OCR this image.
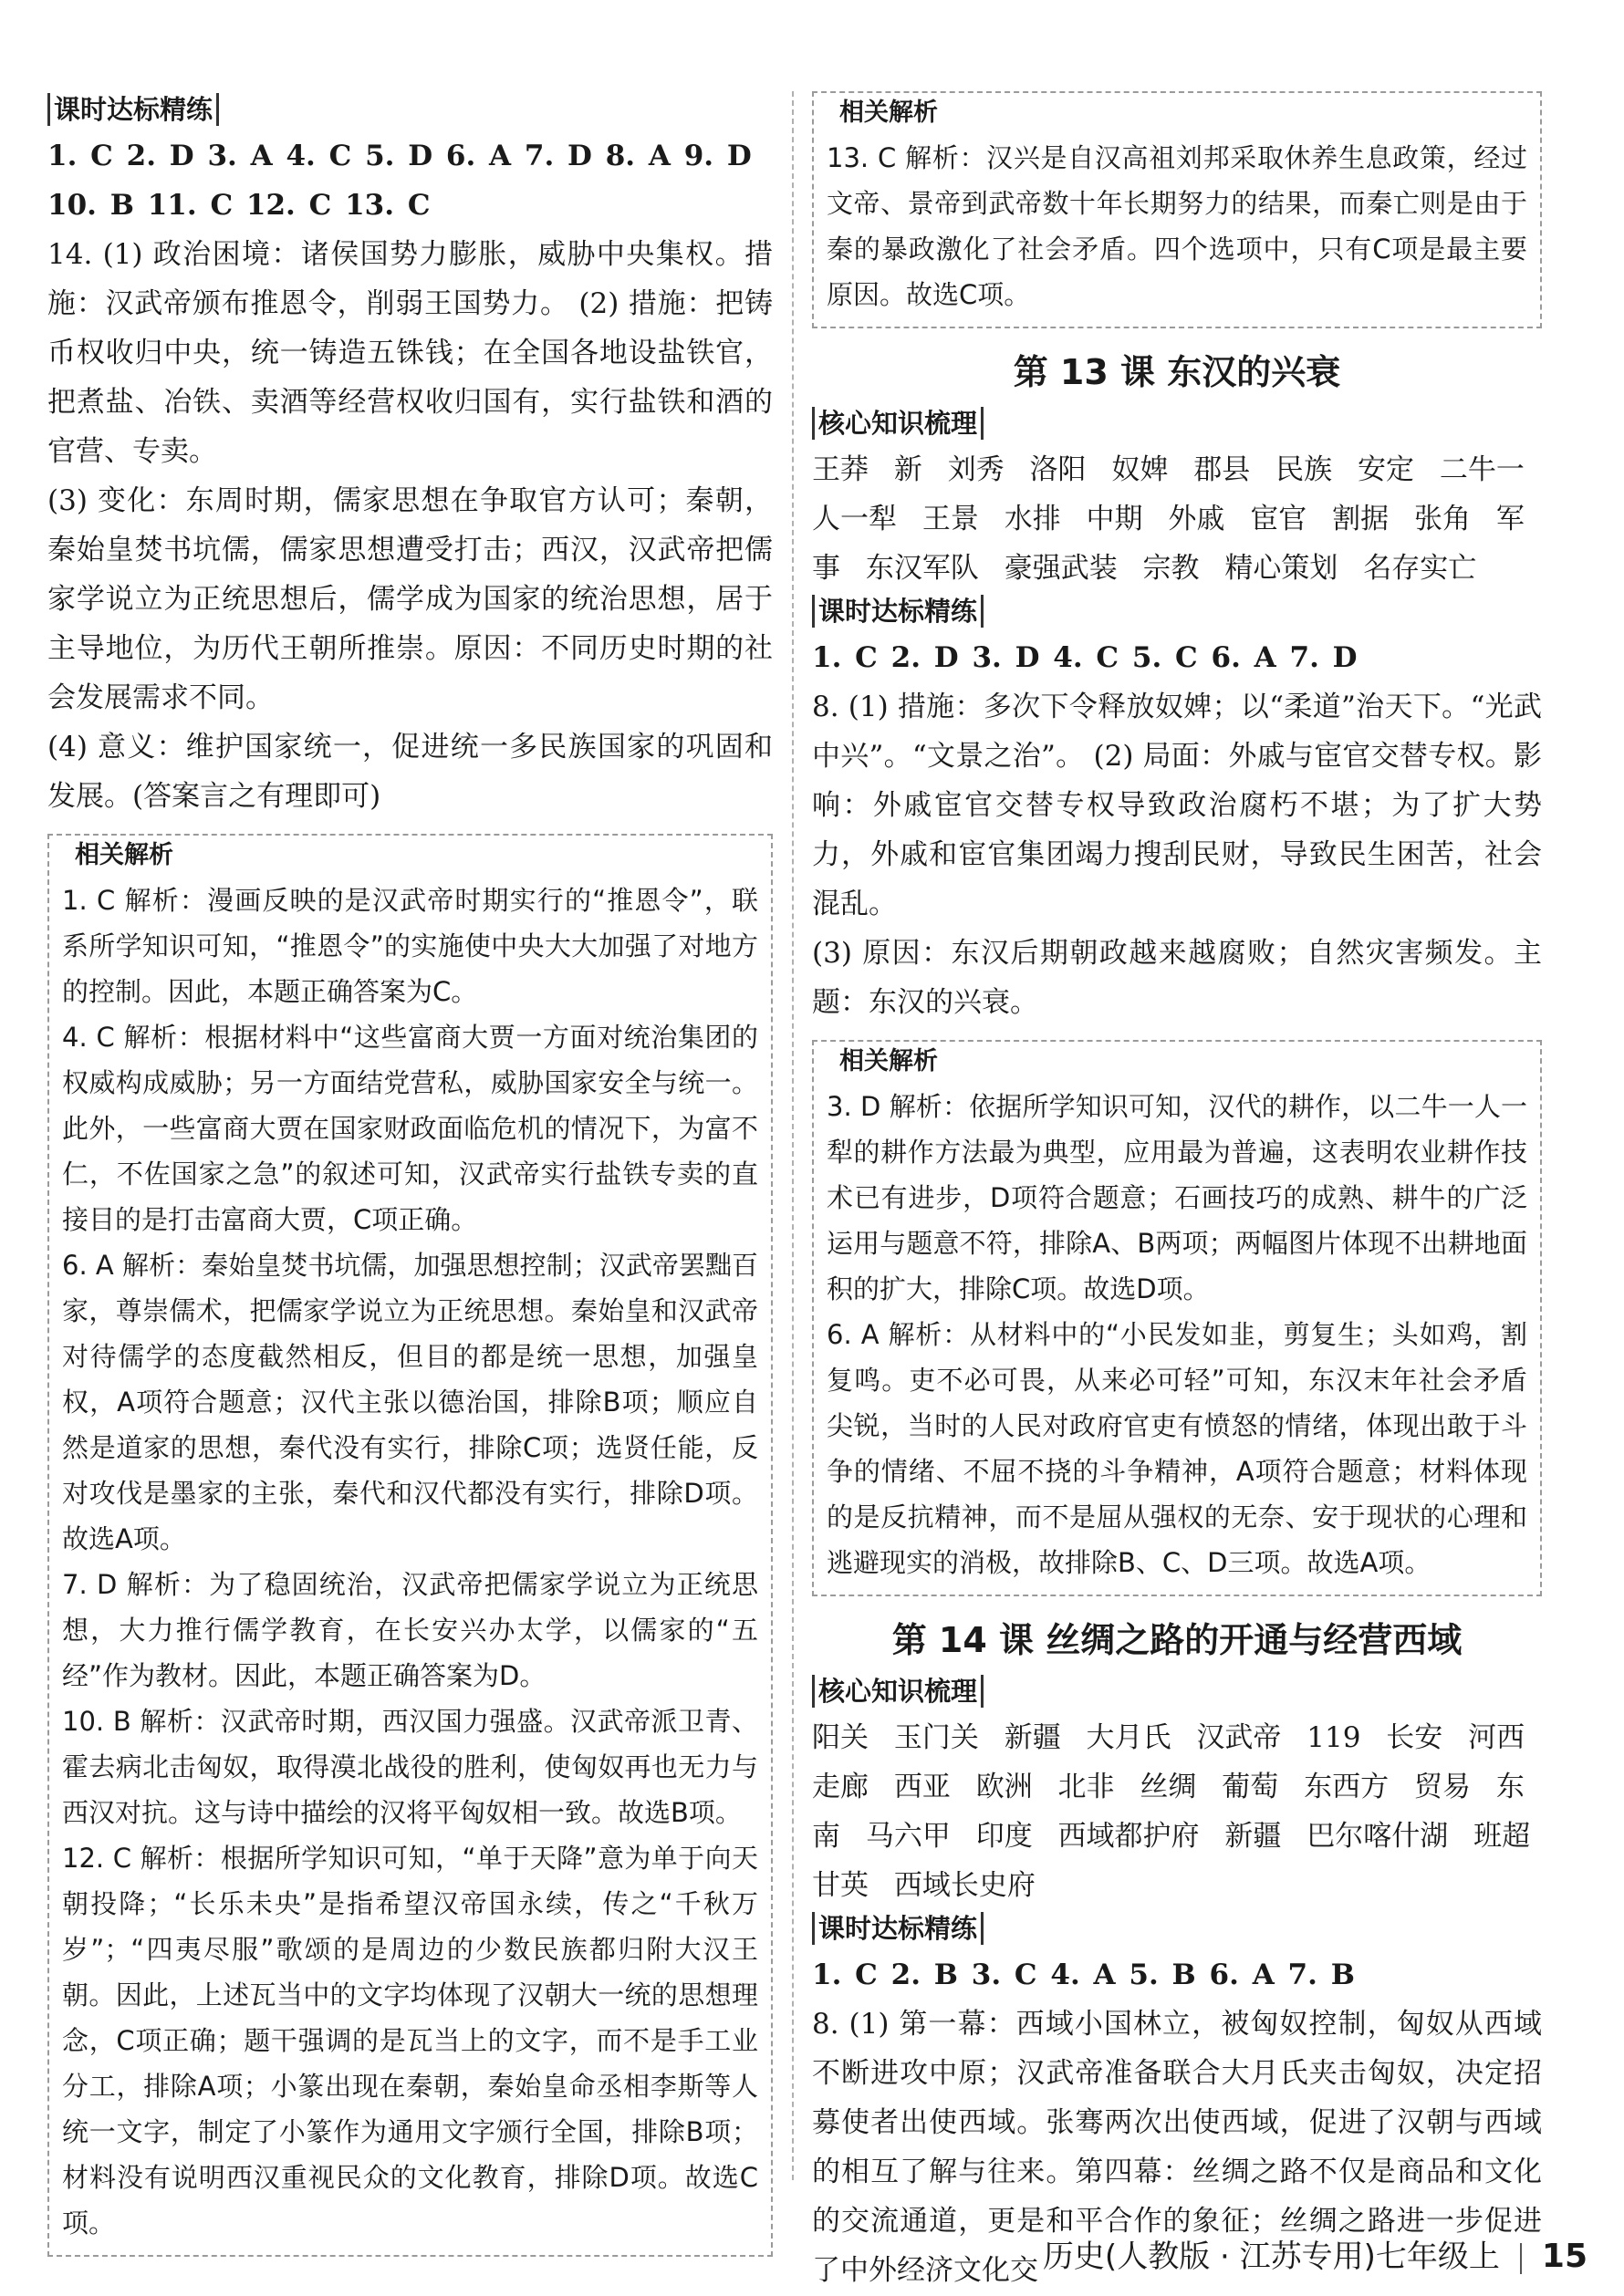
课时达标精练

1. C 2. D 3. A 4. C 5. D 6. A 7. D 8. A 9. D

10. B 11. C 12. C 13. C

14. (1) 政治困境：诸侯国势力膨胀，威胁中央集权。措施：汉武帝颁布推恩令，削弱王国势力。 (2) 措施：把铸币权收归中央，统一铸造五铢钱；在全国各地设盐铁官，把煮盐、冶铁、卖酒等经营权收归国有，实行盐铁和酒的官营、专卖。

(3) 变化：东周时期，儒家思想在争取官方认可；秦朝，秦始皇焚书坑儒，儒家思想遭受打击；西汉，汉武帝把儒家学说立为正统思想后，儒学成为国家的统治思想，居于主导地位，为历代王朝所推崇。原因：不同历史时期的社会发展需求不同。

(4) 意义：维护国家统一，促进统一多民族国家的巩固和发展。(答案言之有理即可)

相关解析

1. C 解析：漫画反映的是汉武帝时期实行的“推恩令”，联系所学知识可知，“推恩令”的实施使中央大大加强了对地方的控制。因此，本题正确答案为C。

4. C 解析：根据材料中“这些富商大贾一方面对统治集团的权威构成威胁；另一方面结党营私，威胁国家安全与统一。此外，一些富商大贾在国家财政面临危机的情况下，为富不仁，不佐国家之急”的叙述可知，汉武帝实行盐铁专卖的直接目的是打击富商大贾，C项正确。

6. A 解析：秦始皇焚书坑儒，加强思想控制；汉武帝罢黜百家，尊崇儒术，把儒家学说立为正统思想。秦始皇和汉武帝对待儒学的态度截然相反，但目的都是统一思想，加强皇权，A项符合题意；汉代主张以德治国，排除B项；顺应自然是道家的思想，秦代没有实行，排除C项；选贤任能，反对攻伐是墨家的主张，秦代和汉代都没有实行，排除D项。故选A项。

7. D 解析：为了稳固统治，汉武帝把儒家学说立为正统思想，大力推行儒学教育，在长安兴办太学，以儒家的“五经”作为教材。因此，本题正确答案为D。

10. B 解析：汉武帝时期，西汉国力强盛。汉武帝派卫青、霍去病北击匈奴，取得漠北战役的胜利，使匈奴再也无力与西汉对抗。这与诗中描绘的汉将平匈奴相一致。故选B项。

12. C 解析：根据所学知识可知，“单于天降”意为单于向天朝投降；“长乐未央”是指希望汉帝国永续，传之“千秋万岁”；“四夷尽服”歌颂的是周边的少数民族都归附大汉王朝。因此，上述瓦当中的文字均体现了汉朝大一统的思想理念，C项正确；题干强调的是瓦当上的文字，而不是手工业分工，排除A项；小篆出现在秦朝，秦始皇命丞相李斯等人统一文字，制定了小篆作为通用文字颁行全国，排除B项；材料没有说明西汉重视民众的文化教育，排除D项。故选C项。

相关解析

13. C 解析：汉兴是自汉高祖刘邦采取休养生息政策，经过文帝、景帝到武帝数十年长期努力的结果，而秦亡则是由于秦的暴政激化了社会矛盾。四个选项中，只有C项是最主要原因。故选C项。

第 13 课 东汉的兴衰
核心知识梳理

王莽 新 刘秀 洛阳 奴婢 郡县 民族 安定 二牛一人一犁 王景 水排 中期 外戚 宦官 割据 张角 军事 东汉军队 豪强武装 宗教 精心策划 名存实亡

课时达标精练

1. C 2. D 3. D 4. C 5. C 6. A 7. D

8. (1) 措施：多次下令释放奴婢；以“柔道”治天下。“光武中兴”。“文景之治”。 (2) 局面：外戚与宦官交替专权。影响：外戚宦官交替专权导致政治腐朽不堪；为了扩大势力，外戚和宦官集团竭力搜刮民财，导致民生困苦，社会混乱。

(3) 原因：东汉后期朝政越来越腐败；自然灾害频发。主题：东汉的兴衰。

相关解析

3. D 解析：依据所学知识可知，汉代的耕作，以二牛一人一犁的耕作方法最为典型，应用最为普遍，这表明农业耕作技术已有进步，D项符合题意；石画技巧的成熟、耕牛的广泛运用与题意不符，排除A、B两项；两幅图片体现不出耕地面积的扩大，排除C项。故选D项。

6. A 解析：从材料中的“小民发如韭，剪复生；头如鸡，割复鸣。吏不必可畏，从来必可轻”可知，东汉末年社会矛盾尖锐，当时的人民对政府官吏有愤怒的情绪，体现出敢于斗争的情绪、不屈不挠的斗争精神，A项符合题意；材料体现的是反抗精神，而不是屈从强权的无奈、安于现状的心理和逃避现实的消极，故排除B、C、D三项。故选A项。

第 14 课 丝绸之路的开通与经营西域
核心知识梳理

阳关 玉门关 新疆 大月氏 汉武帝 119 长安 河西走廊 西亚 欧洲 北非 丝绸 葡萄 东西方 贸易 东南 马六甲 印度 西域都护府 新疆 巴尔喀什湖 班超 甘英 西域长史府

课时达标精练

1. C 2. B 3. C 4. A 5. B 6. A 7. B

8. (1) 第一幕：西域小国林立，被匈奴控制，匈奴从西域不断进攻中原；汉武帝准备联合大月氏夹击匈奴，决定招募使者出使西域。张骞两次出使西域，促进了汉朝与西域的相互了解与往来。第四幕：丝绸之路不仅是商品和文化的交流通道，更是和平合作的象征；丝绸之路进一步促进了中外经济文化交 历史(人教版 · 江苏专用)七年级上 15
